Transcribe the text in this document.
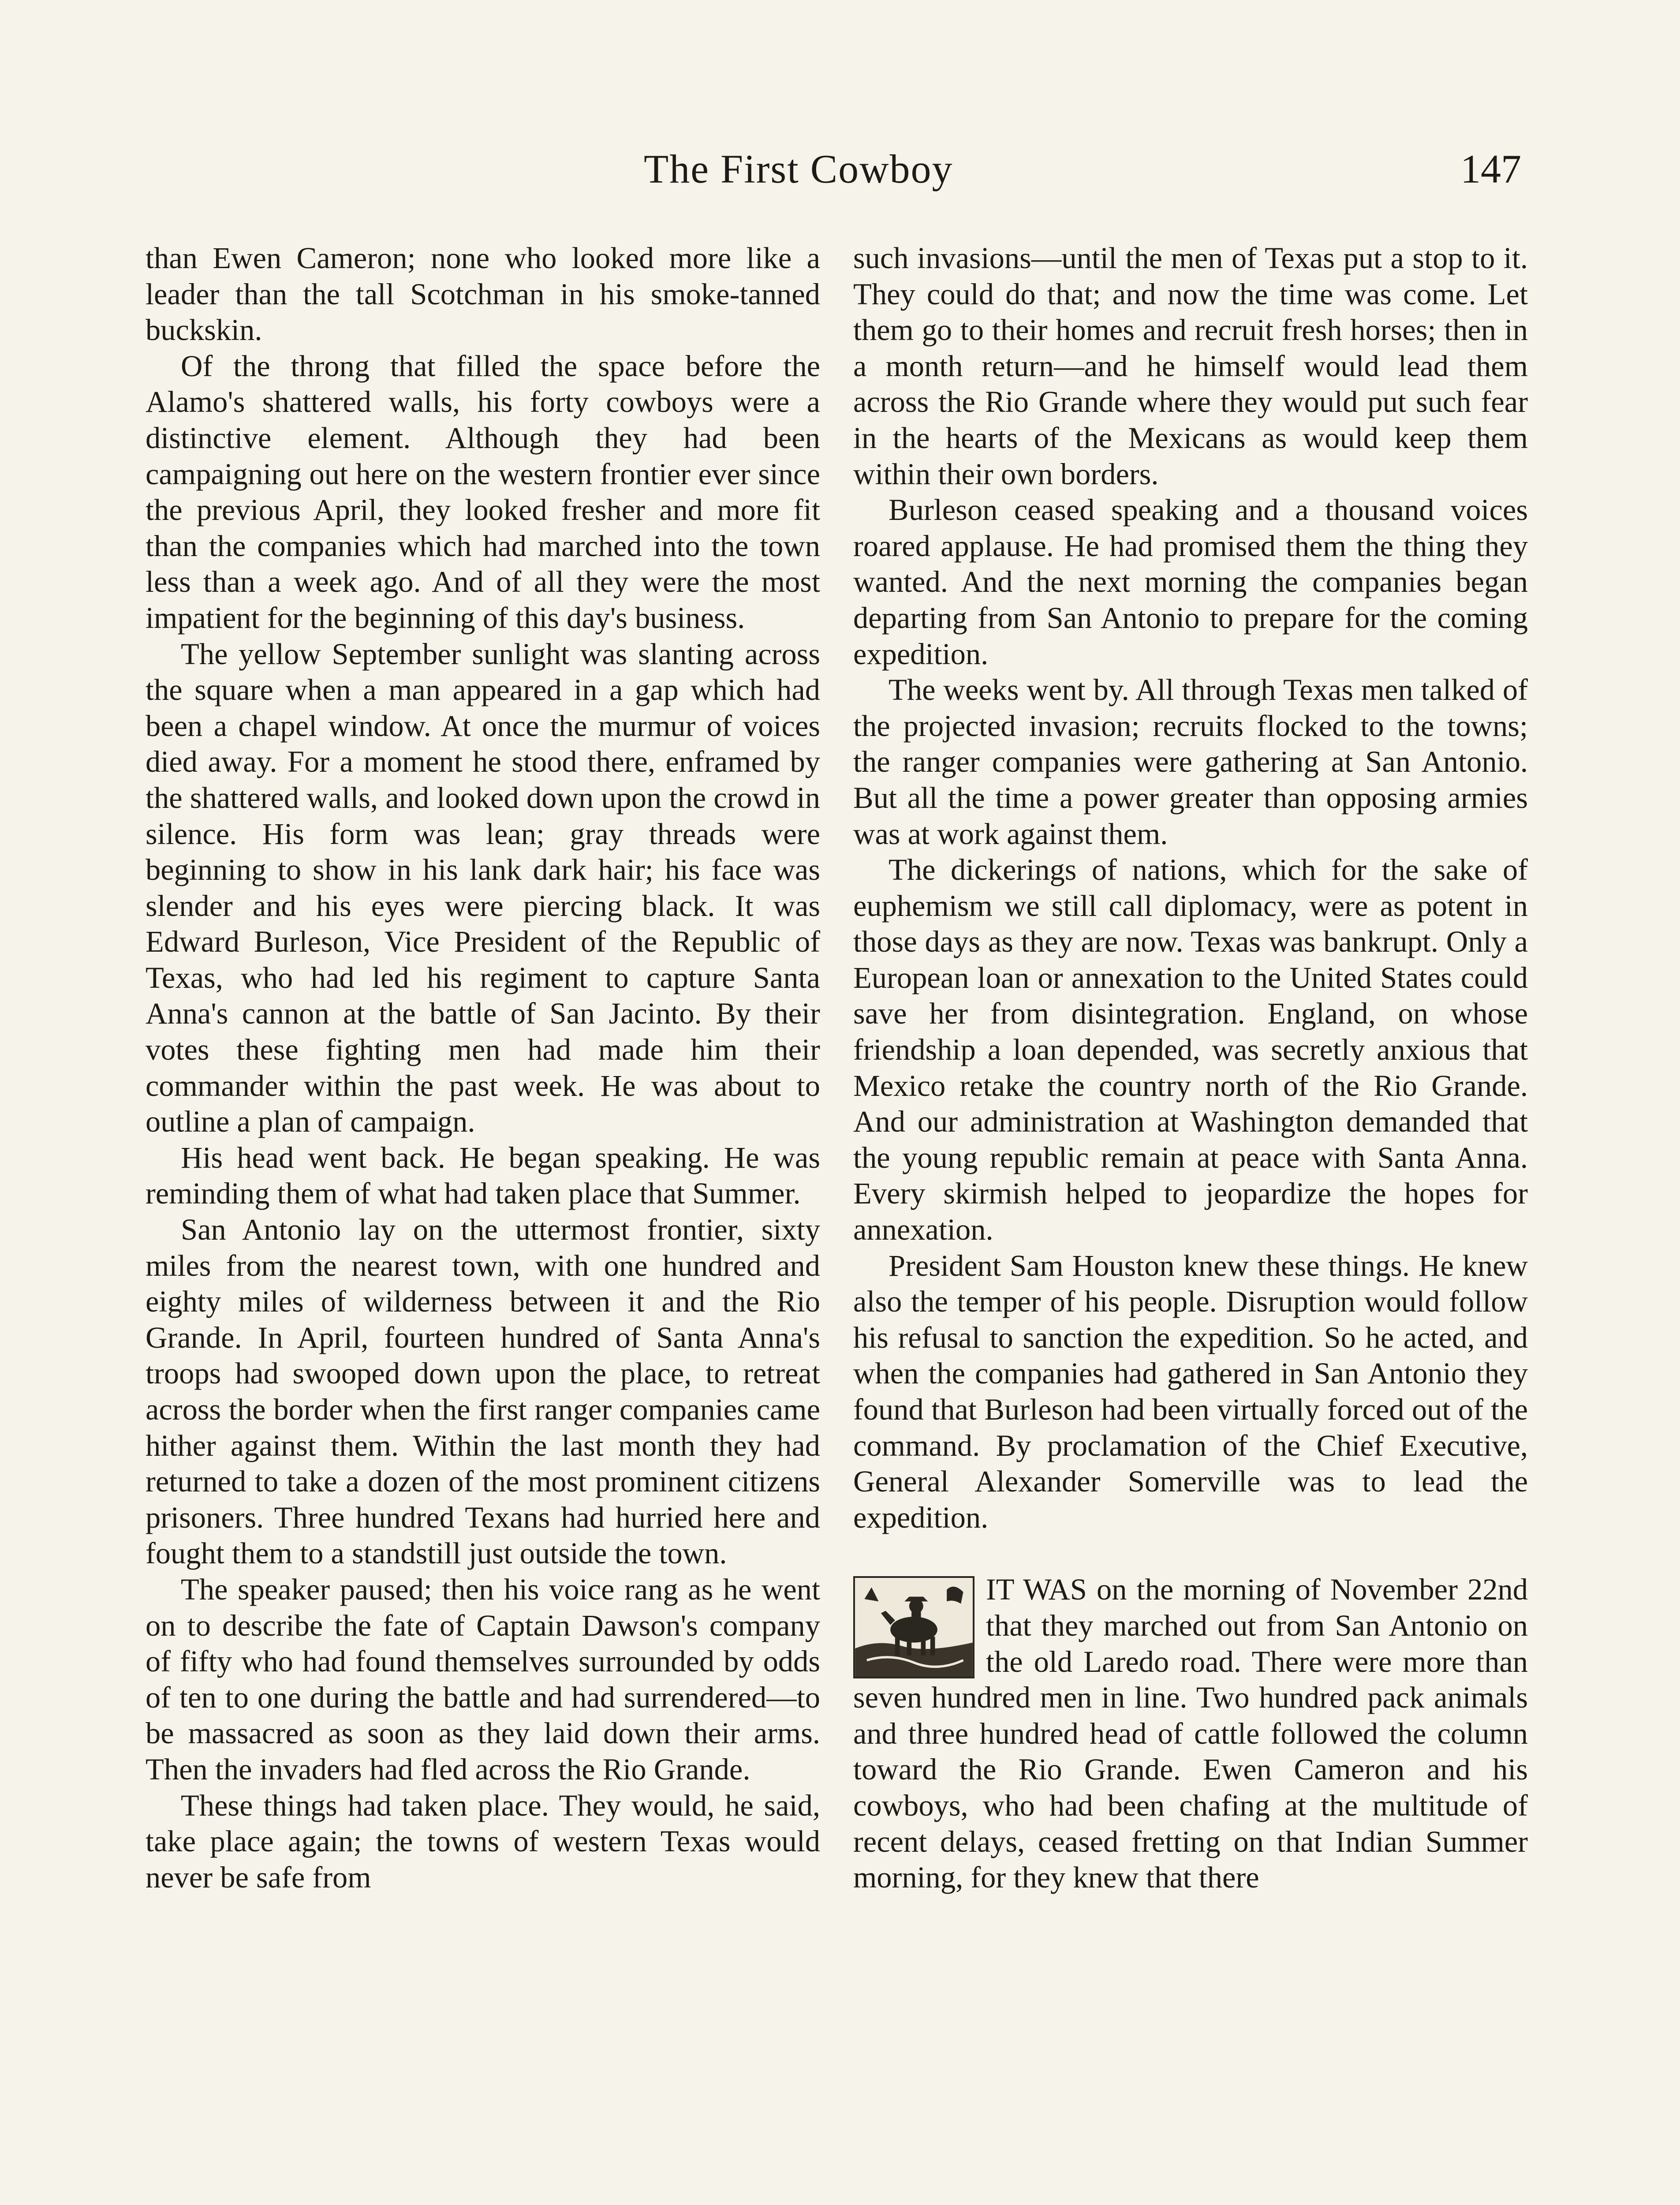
The First Cowboy	147

than Ewen Cameron; none who looked more like a leader than the tall Scotchman in his smoke-tanned buckskin.

Of the throng that filled the space before the Alamo's shattered walls, his forty cowboys were a distinctive element. Although they had been campaigning out here on the western frontier ever since the previous April, they looked fresher and more fit than the companies which had marched into the town less than a week ago. And of all they were the most impatient for the beginning of this day's business.

The yellow September sunlight was slanting across the square when a man appeared in a gap which had been a chapel window. At once the murmur of voices died away. For a moment he stood there, enframed by the shattered walls, and looked down upon the crowd in silence. His form was lean; gray threads were beginning to show in his lank dark hair; his face was slender and his eyes were piercing black. It was Edward Burleson, Vice President of the Republic of Texas, who had led his regiment to capture Santa Anna's cannon at the battle of San Jacinto. By their votes these fighting men had made him their commander within the past week. He was about to outline a plan of campaign.

His head went back. He began speaking. He was reminding them of what had taken place that Summer.

San Antonio lay on the uttermost frontier, sixty miles from the nearest town, with one hundred and eighty miles of wilderness between it and the Rio Grande. In April, fourteen hundred of Santa Anna's troops had swooped down upon the place, to retreat across the border when the first ranger companies came hither against them. Within the last month they had returned to take a dozen of the most prominent citizens prisoners. Three hundred Texans had hurried here and fought them to a standstill just outside the town.

The speaker paused; then his voice rang as he went on to describe the fate of Captain Dawson's company of fifty who had found themselves surrounded by odds of ten to one during the battle and had surrendered—to be massacred as soon as they laid down their arms. Then the invaders had fled across the Rio Grande.

These things had taken place. They would, he said, take place again; the towns of western Texas would never be safe from

such invasions—until the men of Texas put a stop to it. They could do that; and now the time was come. Let them go to their homes and recruit fresh horses; then in a month return—and he himself would lead them across the Rio Grande where they would put such fear in the hearts of the Mexicans as would keep them within their own borders.

Burleson ceased speaking and a thousand voices roared applause. He had promised them the thing they wanted. And the next morning the companies began departing from San Antonio to prepare for the coming expedition.

The weeks went by. All through Texas men talked of the projected invasion; recruits flocked to the towns; the ranger companies were gathering at San Antonio. But all the time a power greater than opposing armies was at work against them.

The dickerings of nations, which for the sake of euphemism we still call diplomacy, were as potent in those days as they are now. Texas was bankrupt. Only a European loan or annexation to the United States could save her from disintegration. England, on whose friendship a loan depended, was secretly anxious that Mexico retake the country north of the Rio Grande. And our administration at Washington demanded that the young republic remain at peace with Santa Anna. Every skirmish helped to jeopardize the hopes for annexation.

President Sam Houston knew these things. He knew also the temper of his people. Disruption would follow his refusal to sanction the expedition. So he acted, and when the companies had gathered in San Antonio they found that Burleson had been virtually forced out of the command. By proclamation of the Chief Executive, General Alexander Somerville was to lead the expedition.

IT WAS on the morning of November 22nd that they marched out from San Antonio on the old Laredo road. There were more than seven hundred men in line. Two hundred pack animals and three hundred head of cattle followed the column toward the Rio Grande. Ewen Cameron and his cowboys, who had been chafing at the multitude of recent delays, ceased fretting on that Indian Summer morning, for they knew that there
